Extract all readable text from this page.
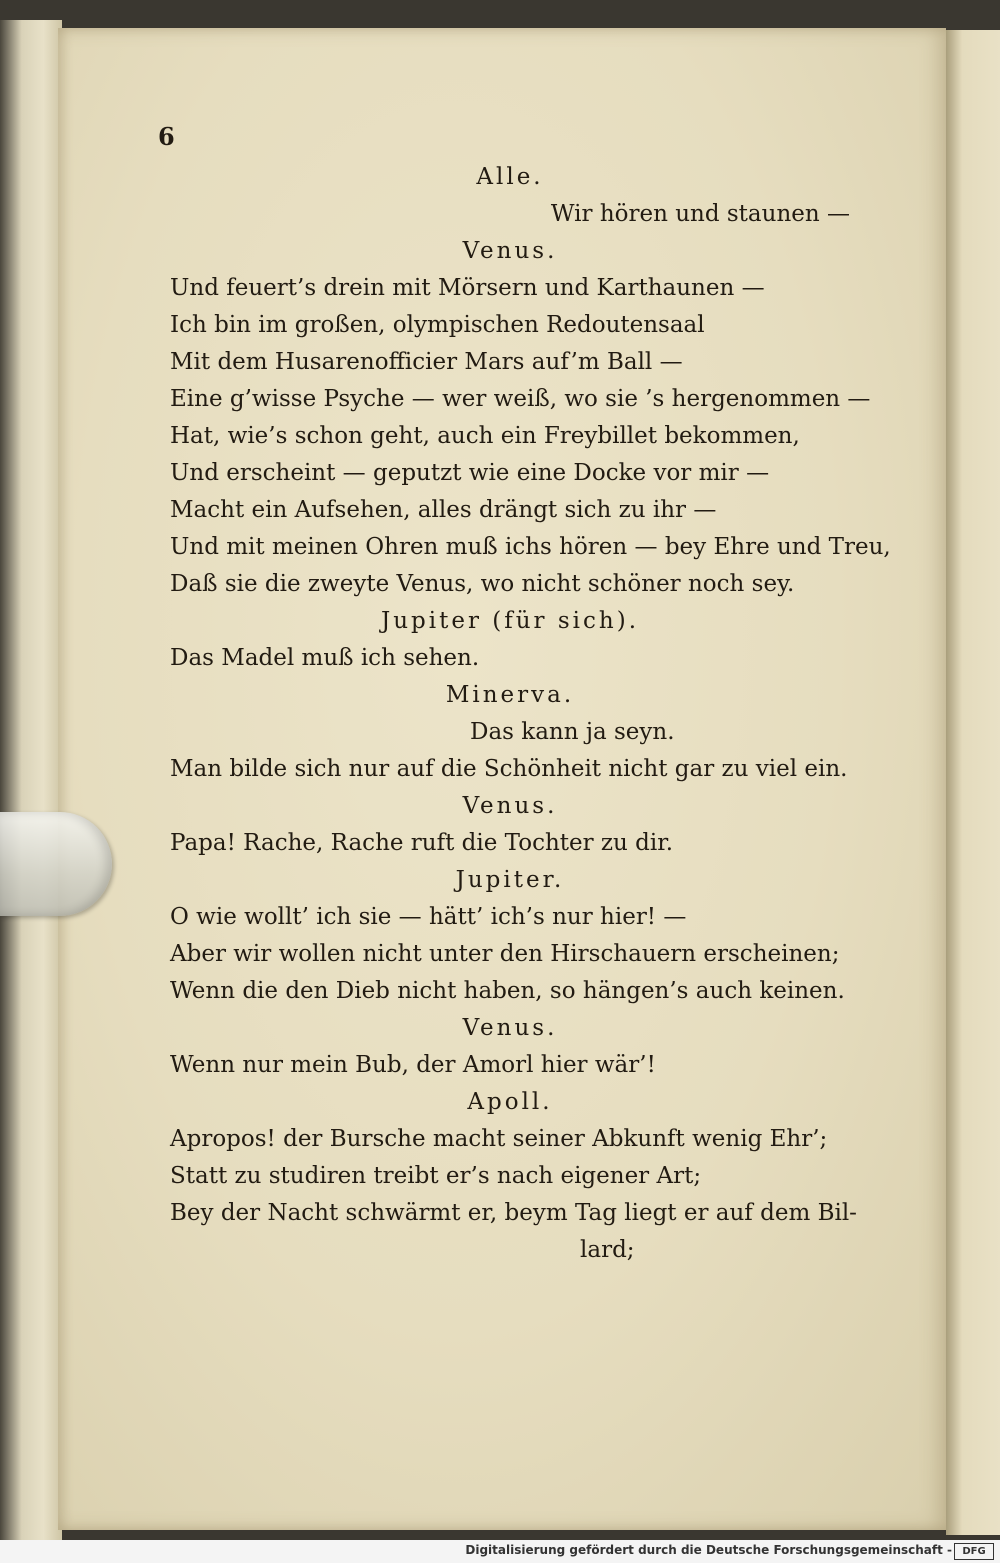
6
Alle.
Wir hören und staunen —
Venus.
Und feuert’s drein mit Mörsern und Karthaunen —
Ich bin im großen, olympischen Redoutensaal
Mit dem Husarenofficier Mars auf’m Ball —
Eine g’wisse Psyche — wer weiß, wo sie ’s hergenommen —
Hat, wie’s schon geht, auch ein Freybillet bekommen,
Und erscheint — geputzt wie eine Docke vor mir —
Macht ein Aufsehen, alles drängt sich zu ihr —
Und mit meinen Ohren muß ichs hören — bey Ehre und Treu,
Daß sie die zweyte Venus, wo nicht schöner noch sey.
Jupiter (für sich).
Das Madel muß ich sehen.
Minerva.
Das kann ja seyn.
Man bilde sich nur auf die Schönheit nicht gar zu viel ein.
Venus.
Papa! Rache, Rache ruft die Tochter zu dir.
Jupiter.
O wie wollt’ ich sie — hätt’ ich’s nur hier! —
Aber wir wollen nicht unter den Hirschauern erscheinen;
Wenn die den Dieb nicht haben, so hängen’s auch keinen.
Venus.
Wenn nur mein Bub, der Amorl hier wär’!
Apoll.
Apropos! der Bursche macht seiner Abkunft wenig Ehr’;
Statt zu studiren treibt er’s nach eigener Art;
Bey der Nacht schwärmt er, beym Tag liegt er auf dem Bil-
lard;
Digitalisierung gefördert durch die Deutsche Forschungsgemeinschaft -	DFG
